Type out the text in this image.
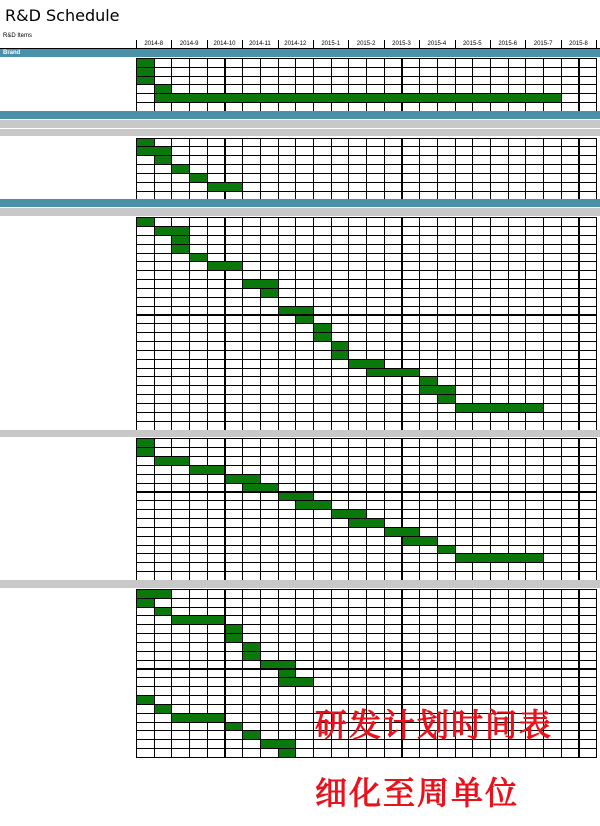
R&D Schedule
R&D Items
2014-8	2014-9	2014-10	2014-11	2014-12	2015-1	2015-2	2015-3	2015-4	2015-5	2015-6	2015-7	2015-8
Brand
研发计划时间表
细化至周单位
